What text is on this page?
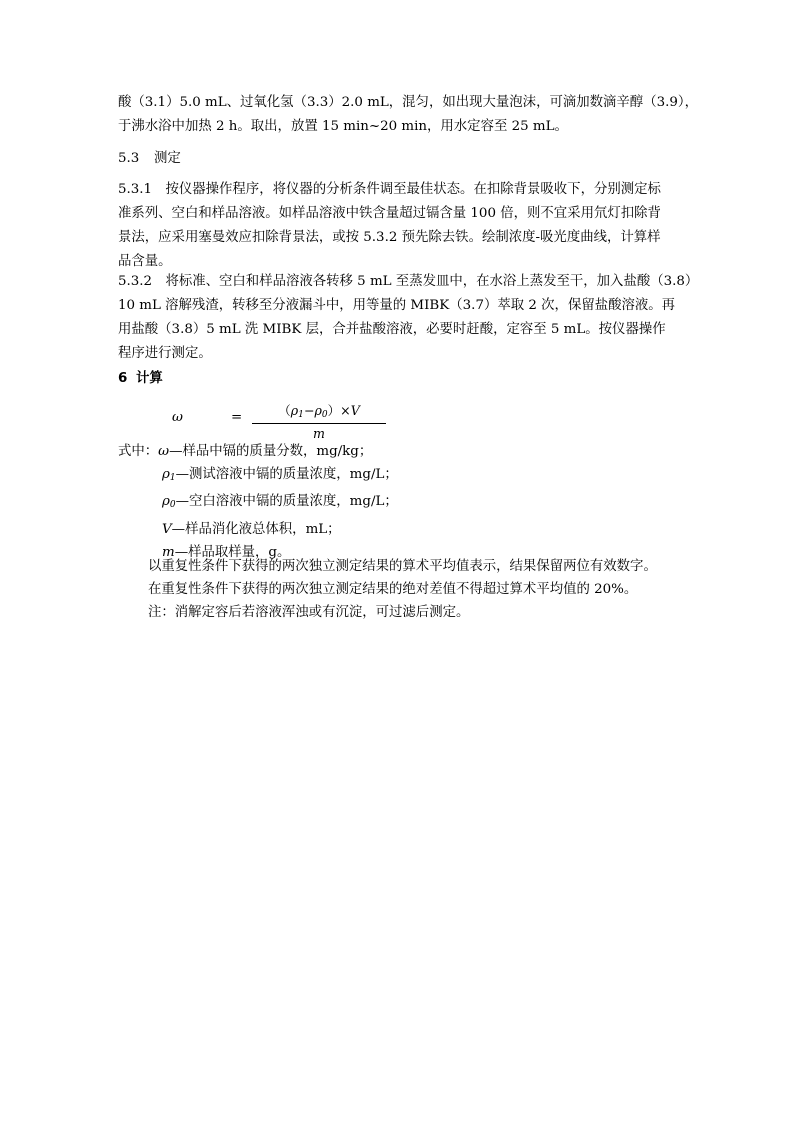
酸（3.1）5.0 mL、过氧化氢（3.3）2.0 mL，混匀，如出现大量泡沫，可滴加数滴辛醇（3.9），
于沸水浴中加热 2 h。取出，放置 15 min~20 min，用水定容至 25 mL。

5.3 测定

5.3.1　按仪器操作程序，将仪器的分析条件调至最佳状态。在扣除背景吸收下，分别测定标
准系列、空白和样品溶液。如样品溶液中铁含量超过镉含量 100 倍，则不宜采用氘灯扣除背
景法，应采用塞曼效应扣除背景法，或按 5.3.2 预先除去铁。绘制浓度-吸光度曲线，计算样
品含量。

5.3.2　将标准、空白和样品溶液各转移 5 mL 至蒸发皿中，在水浴上蒸发至干，加入盐酸（3.8）
10 mL 溶解残渣，转移至分液漏斗中，用等量的 MIBK（3.7）萃取 2 次，保留盐酸溶液。再
用盐酸（3.8）5 mL 洗 MIBK 层，合并盐酸溶液，必要时赶酸，定容至 5 mL。按仪器操作
程序进行测定。

6 计算

ω	=	$(\rho_1-\rho_0)\times V$
m
式中：ω—样品中镉的质量分数，mg/kg；
$\rho_1—$测试溶液中镉的质量浓度，mg/L；
$\rho_0—$空白溶液中镉的质量浓度，mg/L；
V—样品消化液总体积，mL；
m—样品取样量，g。
以重复性条件下获得的两次独立测定结果的算术平均值表示，结果保留两位有效数字。
在重复性条件下获得的两次独立测定结果的绝对差值不得超过算术平均值的 20%。
注：消解定容后若溶液浑浊或有沉淀，可过滤后测定。
